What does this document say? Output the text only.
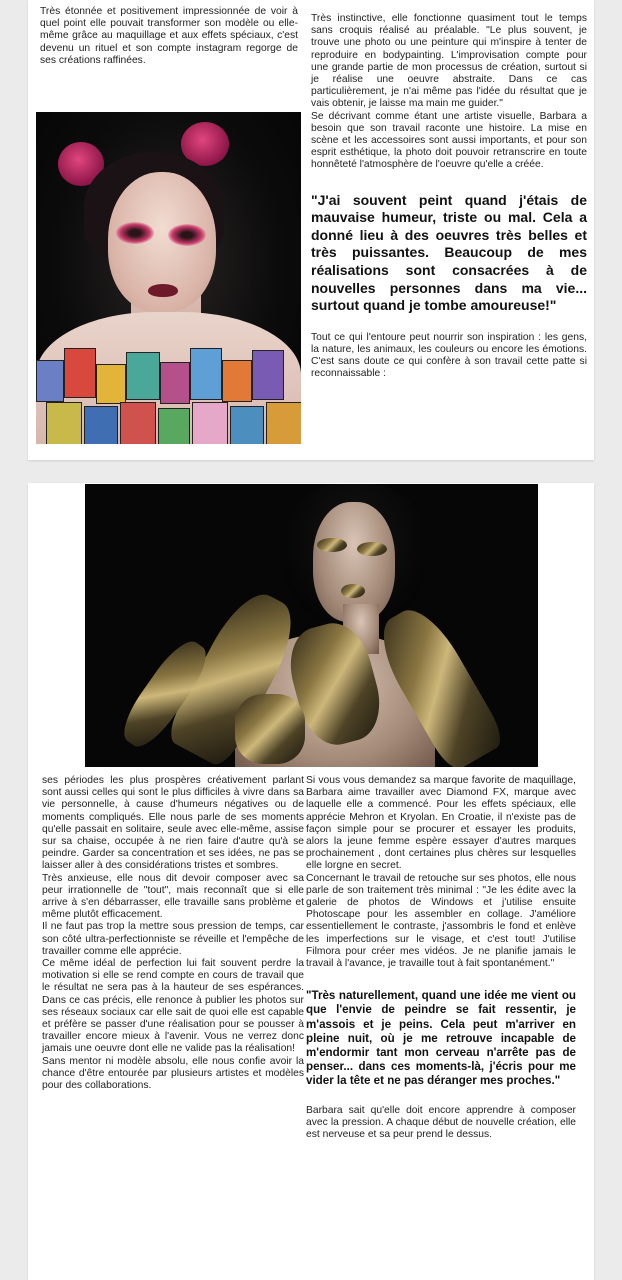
Très étonnée et positivement impressionnée de voir à quel point elle pouvait transformer son modèle ou elle-même grâce au maquillage et aux effets spéciaux, c'est devenu un rituel et son compte instagram regorge de ses créations raffinées.

Très instinctive, elle fonctionne quasiment tout le temps sans croquis réalisé au préalable. "Le plus souvent, je trouve une photo ou une peinture qui m'inspire à tenter de reproduire en bodypainting. L'improvisation compte pour une grande partie de mon processus de création, surtout si je réalise une oeuvre abstraite. Dans ce cas particulièrement, je n'ai même pas l'idée du résultat que je vais obtenir, je laisse ma main me guider."

Se décrivant comme étant une artiste visuelle, Barbara a besoin que son travail raconte une histoire. La mise en scène et les accessoires sont aussi importants, et pour son esprit esthétique, la photo doit pouvoir retranscrire en toute honnêteté l'atmosphère de l'oeuvre qu'elle a créée.

"J'ai souvent peint quand j'étais de mauvaise humeur, triste ou mal. Cela a donné lieu à des oeuvres très belles et très puissantes. Beaucoup de mes réalisations sont consacrées à de nouvelles personnes dans ma vie... surtout quand je tombe amoureuse!"

Tout ce qui l'entoure peut nourrir son inspiration : les gens, la nature, les animaux, les couleurs ou encore les émotions. C'est sans doute ce qui confère à son travail cette patte si reconnaissable :

ses périodes les plus prospères créativement parlant sont aussi celles qui sont le plus difficiles à vivre dans sa vie personnelle, à cause d'humeurs négatives ou de moments compliqués. Elle nous parle de ses moments qu'elle passait en solitaire, seule avec elle-même, assise sur sa chaise, occupée à ne rien faire d'autre qu'à se peindre. Garder sa concentration et ses idées, ne pas se laisser aller à des considérations tristes et sombres.

Très anxieuse, elle nous dit devoir composer avec sa peur irrationnelle de "tout", mais reconnaît que si elle arrive à s'en débarrasser, elle travaille sans problème et même plutôt efficacement.

Il ne faut pas trop la mettre sous pression de temps, car son côté ultra-perfectionniste se réveille et l'empêche de travailler comme elle apprécie.

Ce même idéal de perfection lui fait souvent perdre la motivation si elle se rend compte en cours de travail que le résultat ne sera pas à la hauteur de ses espérances. Dans ce cas précis, elle renonce à publier les photos sur ses réseaux sociaux car elle sait de quoi elle est capable et préfère se passer d'une réalisation pour se pousser à travailler encore mieux à l'avenir. Vous ne verrez donc jamais une oeuvre dont elle ne valide pas la réalisation!

Sans mentor ni modèle absolu, elle nous confie avoir la chance d'être entourée par plusieurs artistes et modèles pour des collaborations.

Si vous vous demandez sa marque favorite de maquillage, Barbara aime travailler avec Diamond FX, marque avec laquelle elle a commencé. Pour les effets spéciaux, elle apprécie Mehron et Kryolan. En Croatie, il n'existe pas de façon simple pour se procurer et essayer les produits, alors la jeune femme espère essayer d'autres marques prochainement , dont certaines plus chères sur lesquelles elle lorgne en secret.

Concernant le travail de retouche sur ses photos, elle nous parle de son traitement très minimal : "Je les édite avec la galerie de photos de Windows et j'utilise ensuite Photoscape pour les assembler en collage. J'améliore essentiellement le contraste, j'assombris le fond et enlève les imperfections sur le visage, et c'est tout! J'utilise Filmora pour créer mes vidéos. Je ne planifie jamais le travail à l'avance, je travaille tout à fait spontanément."

"Très naturellement, quand une idée me vient ou que l'envie de peindre se fait ressentir, je m'assois et je peins. Cela peut m'arriver en pleine nuit, où je me retrouve incapable de m'endormir tant mon cerveau n'arrête pas de penser... dans ces moments-là, j'écris pour me vider la tête et ne pas déranger mes proches."

Barbara sait qu'elle doit encore apprendre à composer avec la pression. A chaque début de nouvelle création, elle est nerveuse et sa peur prend le dessus.
